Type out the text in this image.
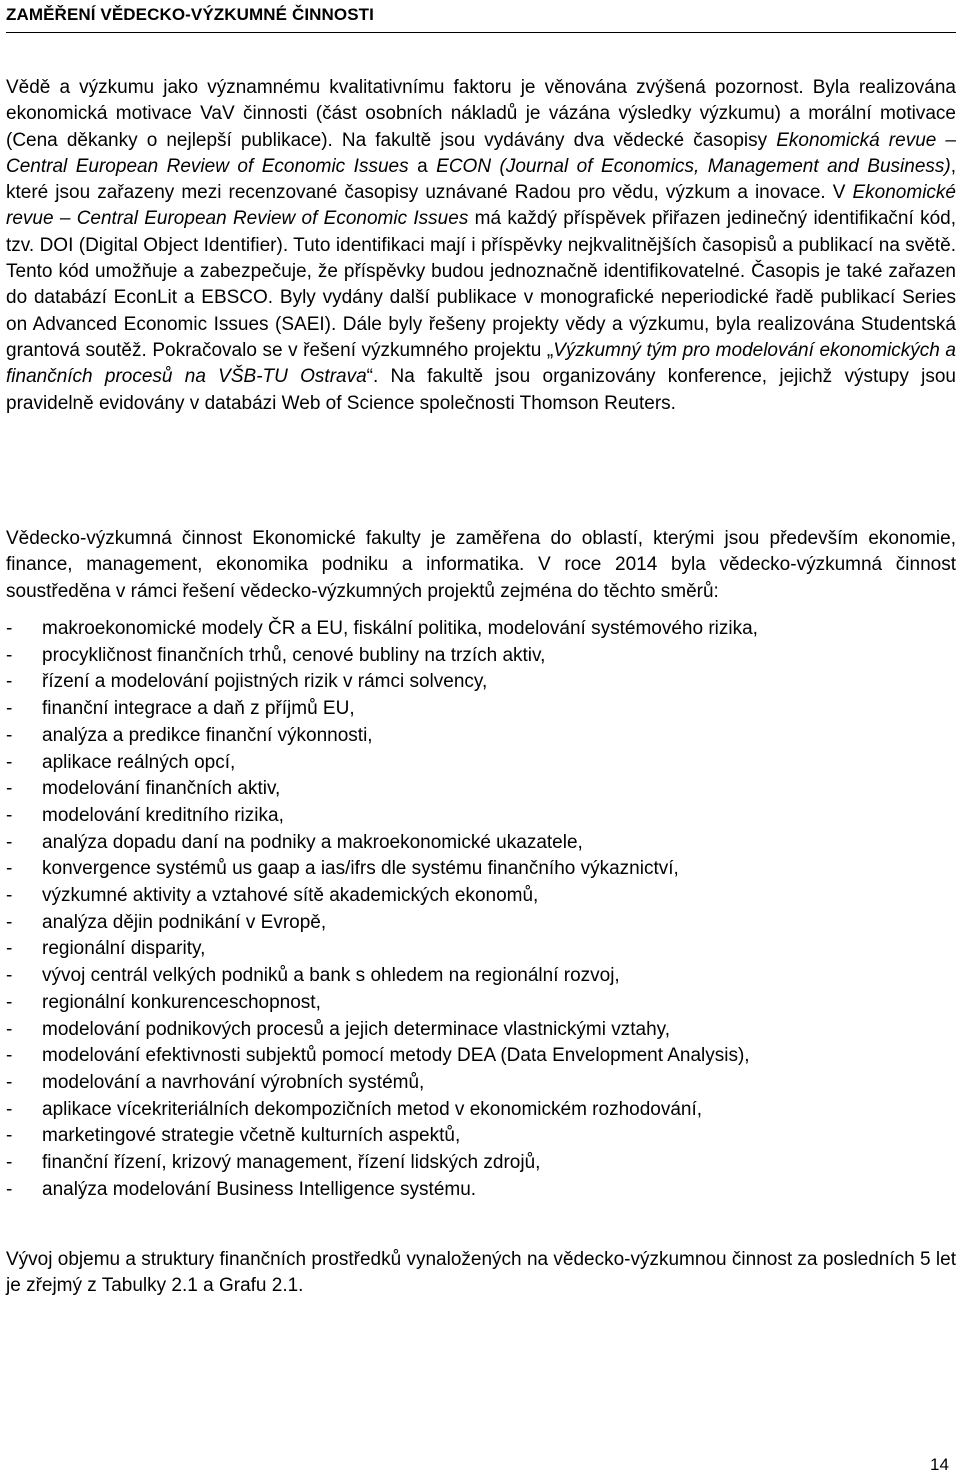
ZAMĚŘENÍ VĚDECKO-VÝZKUMNÉ ČINNOSTI

Vědě a výzkumu jako významnému kvalitativnímu faktoru je věnována zvýšená pozornost. Byla realizována ekonomická motivace VaV činnosti (část osobních nákladů je vázána výsledky výzkumu) a morální motivace (Cena děkanky o nejlepší publikace). Na fakultě jsou vydávány dva vědecké časopisy Ekonomická revue – Central European Review of Economic Issues a ECON (Journal of Economics, Management and Business), které jsou zařazeny mezi recenzované časopisy uznávané Radou pro vědu, výzkum a inovace. V Ekonomické revue – Central European Review of Economic Issues má každý příspěvek přiřazen jedinečný identifikační kód, tzv. DOI (Digital Object Identifier). Tuto identifikaci mají i příspěvky nejkvalitnějších časopisů a publikací na světě. Tento kód umožňuje a zabezpečuje, že příspěvky budou jednoznačně identifikovatelné. Časopis je také zařazen do databází EconLit a EBSCO. Byly vydány další publikace v monografické neperiodické řadě publikací Series on Advanced Economic Issues (SAEI). Dále byly řešeny projekty vědy a výzkumu, byla realizována Studentská grantová soutěž. Pokračovalo se v řešení výzkumného projektu „Výzkumný tým pro modelování ekonomických a finančních procesů na VŠB-TU Ostrava“. Na fakultě jsou organizovány konference, jejichž výstupy jsou pravidelně evidovány v databázi Web of Science společnosti Thomson Reuters.

Vědecko-výzkumná činnost Ekonomické fakulty je zaměřena do oblastí, kterými jsou především ekonomie, finance, management, ekonomika podniku a informatika. V roce 2014 byla vědecko-výzkumná činnost soustředěna v rámci řešení vědecko-výzkumných projektů zejména do těchto směrů:

- makroekonomické modely ČR a EU, fiskální politika, modelování systémového rizika,
- procykličnost finančních trhů, cenové bubliny na trzích aktiv,
- řízení a modelování pojistných rizik v rámci solvency,
- finanční integrace a daň z příjmů EU,
- analýza a predikce finanční výkonnosti,
- aplikace reálných opcí,
- modelování finančních aktiv,
- modelování kreditního rizika,
- analýza dopadu daní na podniky a makroekonomické ukazatele,
- konvergence systémů us gaap a ias/ifrs dle systému finančního výkaznictví,
- výzkumné aktivity a vztahové sítě akademických ekonomů,
- analýza dějin podnikání v Evropě,
- regionální disparity,
- vývoj centrál velkých podniků a bank s ohledem na regionální rozvoj,
- regionální konkurenceschopnost,
- modelování podnikových procesů a jejich determinace vlastnickými vztahy,
- modelování efektivnosti subjektů pomocí metody DEA (Data Envelopment Analysis),
- modelování a navrhování výrobních systémů,
- aplikace vícekriteriálních dekompozičních metod v ekonomickém rozhodování,
- marketingové strategie včetně kulturních aspektů,
- finanční řízení, krizový management, řízení lidských zdrojů,
- analýza modelování Business Intelligence systému.

Vývoj objemu a struktury finančních prostředků vynaložených na vědecko-výzkumnou činnost za posledních 5 let je zřejmý z Tabulky 2.1 a Grafu 2.1.

14
